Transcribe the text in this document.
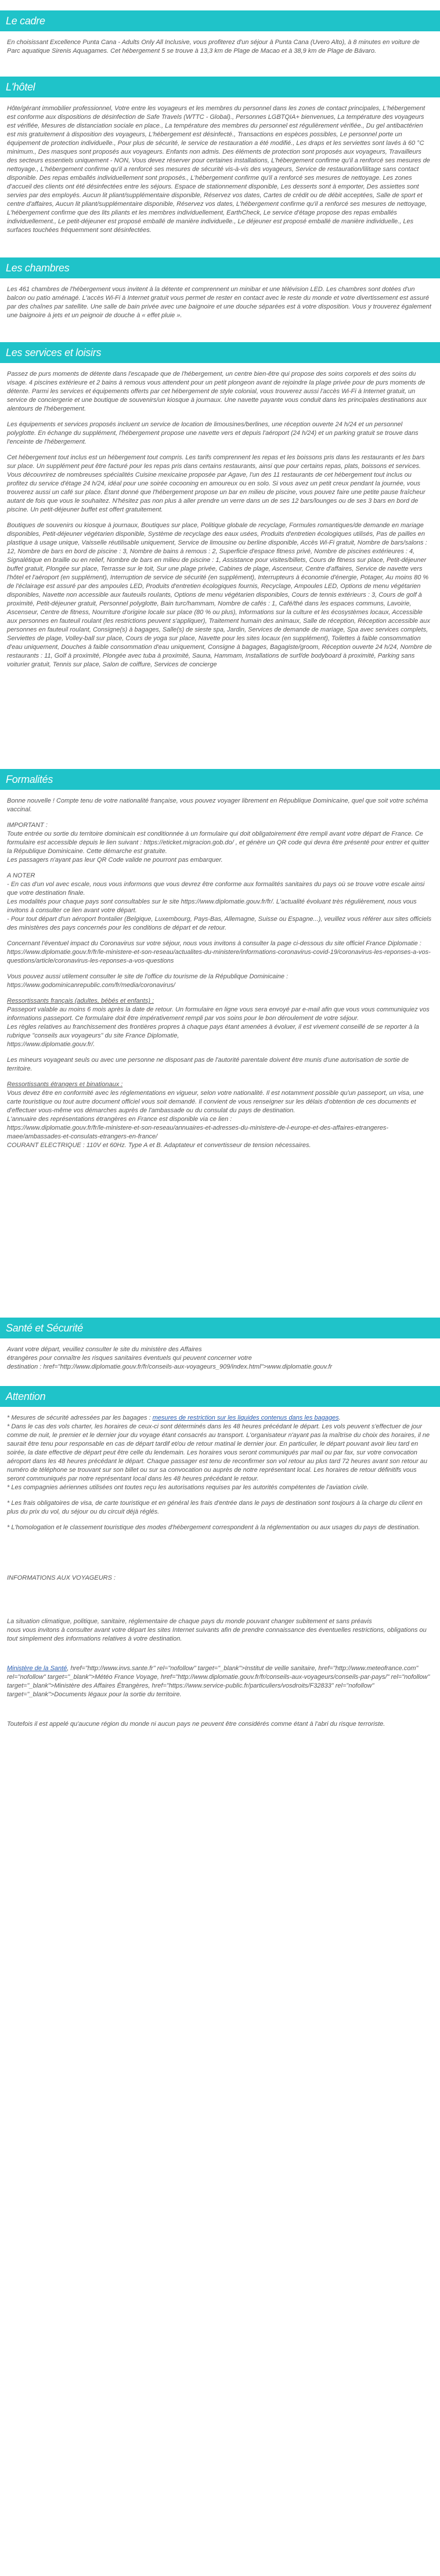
Le cadre

En choisissant Excellence Punta Cana - Adults Only All Inclusive, vous profiterez d'un séjour à Punta Cana (Uvero Alto), à 8 minutes en voiture de Parc aquatique Sirenis Aquagames. Cet hébergement 5 se trouve à 13,3 km de Plage de Macao et à 38,9 km de Plage de Bávaro.

L'hôtel

Hôte/gérant immobilier professionnel, Votre entre les voyageurs et les membres du personnel dans les zones de contact principales, L'hébergement est conforme aux dispositions de désinfection de Safe Travels (WTTC - Global)., Personnes LGBTQIA+ bienvenues, La température des voyageurs est vérifiée, Mesures de distanciation sociale en place., La température des membres du personnel est régulièrement vérifiée., Du gel antibactérien est mis gratuitement à disposition des voyageurs, L'hébergement est désinfecté., Transactions en espèces possibles, Le personnel porte un équipement de protection individuelle., Pour plus de sécurité, le service de restauration a été modifié., Les draps et les serviettes sont lavés à 60 °C minimum., Des masques sont proposés aux voyageurs. Enfants non admis. Des éléments de protection sont proposés aux voyageurs, Travailleurs des secteurs essentiels uniquement - NON, Vous devez réserver pour certaines installations, L'hébergement confirme qu'il a renforcé ses mesures de nettoyage., L'hébergement confirme qu'il a renforcé ses mesures de sécurité vis-à-vis des voyageurs, Service de restauration/lilitage sans contact disponible. Des repas emballés individuellement sont proposés., L'hébergement confirme qu'il a renforcé ses mesures de nettoyage. Les zones d'accueil des clients ont été désinfectées entre les séjours. Espace de stationnement disponible, Les desserts sont à emporter, Des assiettes sont servies par des employés. Aucun lit pliant/supplémentaire disponible, Réservez vos dates, Cartes de crédit ou de débit acceptées, Salle de sport et centre d'affaires, Aucun lit pliant/supplémentaire disponible, Réservez vos dates, L'hébergement confirme qu'il a renforcé ses mesures de nettoyage, L'hébergement confirme que des lits pliants et les membres individuellement, EarthCheck, Le service d'étage propose des repas emballés individuellement., Le petit-déjeuner est proposé emballé de manière individuelle., Le déjeuner est proposé emballé de manière individuelle., Les surfaces touchées fréquemment sont désinfectées.

Les chambres

Les 461 chambres de l'hébergement vous invitent à la détente et comprennent un minibar et une télévision LED. Les chambres sont dotées d'un balcon ou patio aménagé. L'accès Wi-Fi à Internet gratuit vous permet de rester en contact avec le reste du monde et votre divertissement est assuré par des chaînes par satellite. Une salle de bain privée avec une baignoire et une douche séparées est à votre disposition. Vous y trouverez également une baignoire à jets et un peignoir de douche à « effet pluie ».

Les services et loisirs

Passez de purs moments de détente dans l'escapade que de l'hébergement, un centre bien-être qui propose des soins corporels et des soins du visage. 4 piscines extérieure et 2 bains à remous vous attendent pour un petit plongeon avant de rejoindre la plage privée pour de purs moments de détente. Parmi les services et équipements offerts par cet hébergement de style colonial, vous trouverez aussi l'accès Wi-Fi à Internet gratuit, un service de conciergerie et une boutique de souvenirs/un kiosque à journaux. Une navette payante vous conduit dans les principales destinations aux alentours de l'hébergement.

Les équipements et services proposés incluent un service de location de limousines/berlines, une réception ouverte 24 h/24 et un personnel polyglotte. En échange du supplément, l'hébergement propose une navette vers et depuis l'aéroport (24 h/24) et un parking gratuit se trouve dans l'enceinte de l'hébergement.

Cet hébergement tout inclus est un hébergement tout compris. Les tarifs comprennent les repas et les boissons pris dans les restaurants et les bars sur place. Un supplément peut être facturé pour les repas pris dans certains restaurants, ainsi que pour certains repas, plats, boissons et services. Vous découvrirez de nombreuses spécialités Cuisine mexicaine proposée par Agave, l'un des 11 restaurants de cet hébergement tout inclus ou profitez du service d'étage 24 h/24, idéal pour une soirée cocooning en amoureux ou en solo. Si vous avez un petit creux pendant la journée, vous trouverez aussi un café sur place. Étant donné que l'hébergement propose un bar en milieu de piscine, vous pouvez faire une petite pause fraîcheur autant de fois que vous le souhaitez. N'hésitez pas non plus à aller prendre un verre dans un de ses 12 bars/lounges ou de ses 3 bars en bord de piscine. Un petit-déjeuner buffet est offert gratuitement.

Boutiques de souvenirs ou kiosque à journaux, Boutiques sur place, Politique globale de recyclage, Formules romantiques/de demande en mariage disponibles, Petit-déjeuner végétarien disponible, Système de recyclage des eaux usées, Produits d'entretien écologiques utilisés, Pas de pailles en plastique à usage unique, Vaisselle réutilisable uniquement, Service de limousine ou berline disponible, Accès Wi-Fi gratuit, Nombre de bars/salons : 12, Nombre de bars en bord de piscine : 3, Nombre de bains à remous : 2, Superficie d'espace fitness privé, Nombre de piscines extérieures : 4, Signalétique en braille ou en relief, Nombre de bars en milieu de piscine : 1, Assistance pour visites/billets, Cours de fitness sur place, Petit-déjeuner buffet gratuit, Plongée sur place, Terrasse sur le toit, Sur une plage privée, Cabines de plage, Ascenseur, Centre d'affaires, Service de navette vers l'hôtel et l'aéroport (en supplément), Interruption de service de sécurité (en supplément), Interrupteurs à économie d'énergie, Potager, Au moins 80 % de l'éclairage est assuré par des ampoules LED, Produits d'entretien écologiques fournis, Recyclage, Ampoules LED, Options de menu végétarien disponibles, Navette non accessible aux fauteuils roulants, Options de menu végétarien disponibles, Cours de tennis extérieurs : 3, Cours de golf à proximité, Petit-déjeuner gratuit, Personnel polyglotte, Bain turc/hammam, Nombre de cafés : 1, Café/thé dans les espaces communs, Lavoirie, Ascenseur, Centre de fitness, Nourriture d'origine locale sur place (80 % ou plus), Informations sur la culture et les écosystèmes locaux, Accessible aux personnes en fauteuil roulant (les restrictions peuvent s'appliquer), Traitement humain des animaux, Salle de réception, Réception accessible aux personnes en fauteuil roulant, Consigne(s) à bagages, Salle(s) de sieste spa, Jardin, Services de demande de mariage, Spa avec services complets, Serviettes de plage, Volley-ball sur place, Cours de yoga sur place, Navette pour les sites locaux (en supplément), Toilettes à faible consommation d'eau uniquement, Douches à faible consommation d'eau uniquement, Consigne à bagages, Bagagiste/groom, Réception ouverte 24 h/24, Nombre de restaurants : 11, Golf à proximité, Plongée avec tuba à proximité, Sauna, Hammam, Installations de surf/de bodyboard à proximité, Parking sans voiturier gratuit, Tennis sur place, Salon de coiffure, Services de concierge

Formalités

Bonne nouvelle ! Compte tenu de votre nationalité française, vous pouvez voyager librement en République Dominicaine, quel que soit votre schéma vaccinal.

IMPORTANT :
Toute entrée ou sortie du territoire dominicain est conditionnée à un formulaire qui doit obligatoirement être rempli avant votre départ de France. Ce formulaire est accessible depuis le lien suivant : https://eticket.migracion.gob.do/ , et génère un QR code qui devra être présenté pour entrer et quitter la République Dominicaine. Cette démarche est gratuite.
Les passagers n'ayant pas leur QR Code valide ne pourront pas embarquer.

A NOTER
- En cas d'un vol avec escale, nous vous informons que vous devrez être conforme aux formalités sanitaires du pays où se trouve votre escale ainsi que votre destination finale.
Les modalités pour chaque pays sont consultables sur le site https://www.diplomatie.gouv.fr/fr/. L'actualité évoluant très régulièrement, nous vous invitons à consulter ce lien avant votre départ.
- Pour tout départ d'un aéroport frontalier (Belgique, Luxembourg, Pays-Bas, Allemagne, Suisse ou Espagne...), veuillez vous référer aux sites officiels des ministères des pays concernés pour les conditions de départ et de retour.

Concernant l'éventuel impact du Coronavirus sur votre séjour, nous vous invitons à consulter la page ci-dessous du site officiel France Diplomatie :
https://www.diplomatie.gouv.fr/fr/le-ministere-et-son-reseau/actualites-du-ministere/informations-coronavirus-covid-19/coronavirus-les-reponses-a-vos-questions/article/coronavirus-les-reponses-a-vos-questions

Vous pouvez aussi utilement consulter le site de l'office du tourisme de la République Dominicaine :
https://www.godominicanrepublic.com/fr/media/coronavirus/

Ressortissants français (adultes, bébés et enfants) :

Passeport valable au moins 6 mois après la date de retour. Un formulaire en ligne vous sera envoyé par e-mail afin que vous vous communiquiez vos informations passeport. Ce formulaire doit être impérativement rempli par vos soins pour le bon déroulement de votre séjour.

Les règles relatives au franchissement des frontières propres à chaque pays étant amenées à évoluer, il est vivement conseillé de se reporter à la rubrique "conseils aux voyageurs" du site France Diplomatie,
https://www.diplomatie.gouv.fr/.

Les mineurs voyageant seuls ou avec une personne ne disposant pas de l'autorité parentale doivent être munis d'une autorisation de sortie de territoire.

Ressortissants étrangers et binationaux :

Vous devez être en conformité avec les réglementations en vigueur, selon votre nationalité. Il est notamment possible qu'un passeport, un visa, une carte touristique ou tout autre document officiel vous soit demandé. Il convient de vous renseigner sur les délais d'obtention de ces documents et d'effectuer vous-même vos démarches auprès de l'ambassade ou du consulat du pays de destination.
L'annuaire des représentations étrangères en France est disponible via ce lien :
https://www.diplomatie.gouv.fr/fr/le-ministere-et-son-reseau/annuaires-et-adresses-du-ministere-de-l-europe-et-des-affaires-etrangeres-maee/ambassades-et-consulats-etrangers-en-france/

COURANT ELECTRIQUE : 110V et 60Hz. Type A et B. Adaptateur et convertisseur de tension nécessaires.

Santé et Sécurité

Avant votre départ, veuillez consulter le site du ministère des Affaires
étrangères pour connaître les risques sanitaires éventuels qui peuvent concerner votre
destination : href="http://www.diplomatie.gouv.fr/fr/conseils-aux-voyageurs_909/index.html">www.diplomatie.gouv.fr

Attention

* Mesures de sécurité adressées par les bagages : mesures de restriction sur les liquides contenus dans les bagages.
* Dans le cas des vols charter, les horaires de ceux-ci sont déterminés dans les 48 heures précédant le départ. Les vols peuvent s'effectuer de jour comme de nuit, le premier et le dernier jour du voyage étant consacrés au transport. L'organisateur n'ayant pas la maîtrise du choix des horaires, il ne saurait être tenu pour responsable en cas de départ tardif et/ou de retour matinal le dernier jour. En particulier, le départ pouvant avoir lieu tard en soirée, la date effective de départ peut être celle du lendemain. Les horaires vous seront communiqués par mail ou par fax, sur votre convocation aéroport dans les 48 heures précédant le départ. Chaque passager est tenu de reconfirmer son vol retour au plus tard 72 heures avant son retour au numéro de téléphone se trouvant sur son billet ou sur sa convocation ou auprès de notre représentant local. Les horaires de retour définitifs vous seront communiqués par notre représentant local dans les 48 heures précédant le retour.
* Les compagnies aériennes utilisées ont toutes reçu les autorisations requises par les autorités compétentes de l'aviation civile.

* Les frais obligatoires de visa, de carte touristique et en général les frais d'entrée dans le pays de destination sont toujours à la charge du client en plus du prix du vol, du séjour ou du circuit déjà réglés.

* L'homologation et le classement touristique des modes d'hébergement correspondent à la réglementation ou aux usages du pays de destination.

INFORMATIONS AUX VOYAGEURS :

La situation climatique, politique, sanitaire, réglementaire de chaque pays du monde pouvant changer subitement et sans préavis
nous vous invitons à consulter avant votre départ les sites Internet suivants afin de prendre connaissance des éventuelles restrictions, obligations ou tout simplement des informations relatives à votre destination.

Ministère de la Santé, href="http://www.invs.sante.fr" rel="nofollow" target="_blank">Institut de veille sanitaire, href="http://www.meteofrance.com" rel="nofollow" target="_blank">Météo France Voyage, href="http://www.diplomatie.gouv.fr/fr/conseils-aux-voyageurs/conseils-par-pays/" rel="nofollow" target="_blank">Ministère des Affaires Étrangères, href="https://www.service-public.fr/particuliers/vosdroits/F32833" rel="nofollow" target="_blank">Documents légaux pour la sortie du territoire.

Toutefois il est appelé qu'aucune région du monde ni aucun pays ne peuvent être considérés comme étant à l'abri du risque terroriste.
